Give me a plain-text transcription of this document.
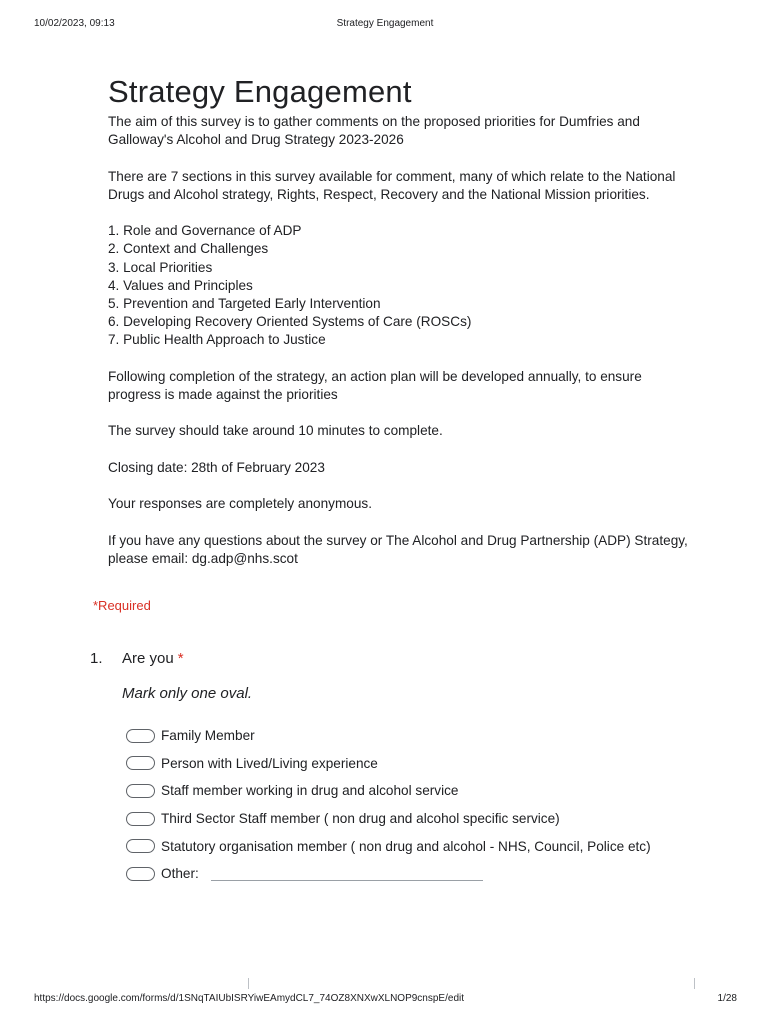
10/02/2023, 09:13	Strategy Engagement
Strategy Engagement

The aim of this survey is to gather comments on the proposed priorities for Dumfries and Galloway's Alcohol and Drug Strategy 2023-2026

There are 7 sections in this survey available for comment, many of which relate to the National Drugs and Alcohol strategy, Rights, Respect, Recovery and the National Mission priorities.

1. Role and Governance of ADP
2. Context and Challenges
3. Local Priorities
4. Values and Principles
5. Prevention and Targeted Early Intervention
6. Developing Recovery Oriented Systems of Care (ROSCs)
7. Public Health Approach to Justice

Following completion of the strategy, an action plan will be developed annually, to ensure progress is made against the priorities

The survey should take around 10 minutes to complete.

Closing date: 28th of February 2023

Your responses are completely anonymous.

If you have any questions about the survey or The Alcohol and Drug Partnership (ADP) Strategy, please email: dg.adp@nhs.scot

*Required
1. Are you *
Mark only one oval.
Family Member
Person with Lived/Living experience
Staff member working in drug and alcohol service
Third Sector Staff member ( non drug and alcohol specific service)
Statutory organisation member ( non drug and alcohol - NHS, Council, Police etc)
Other:
https://docs.google.com/forms/d/1SNqTAIUbISRYiwEAmydCL7_74OZ8XNXwXLNOP9cnspE/edit	1/28
